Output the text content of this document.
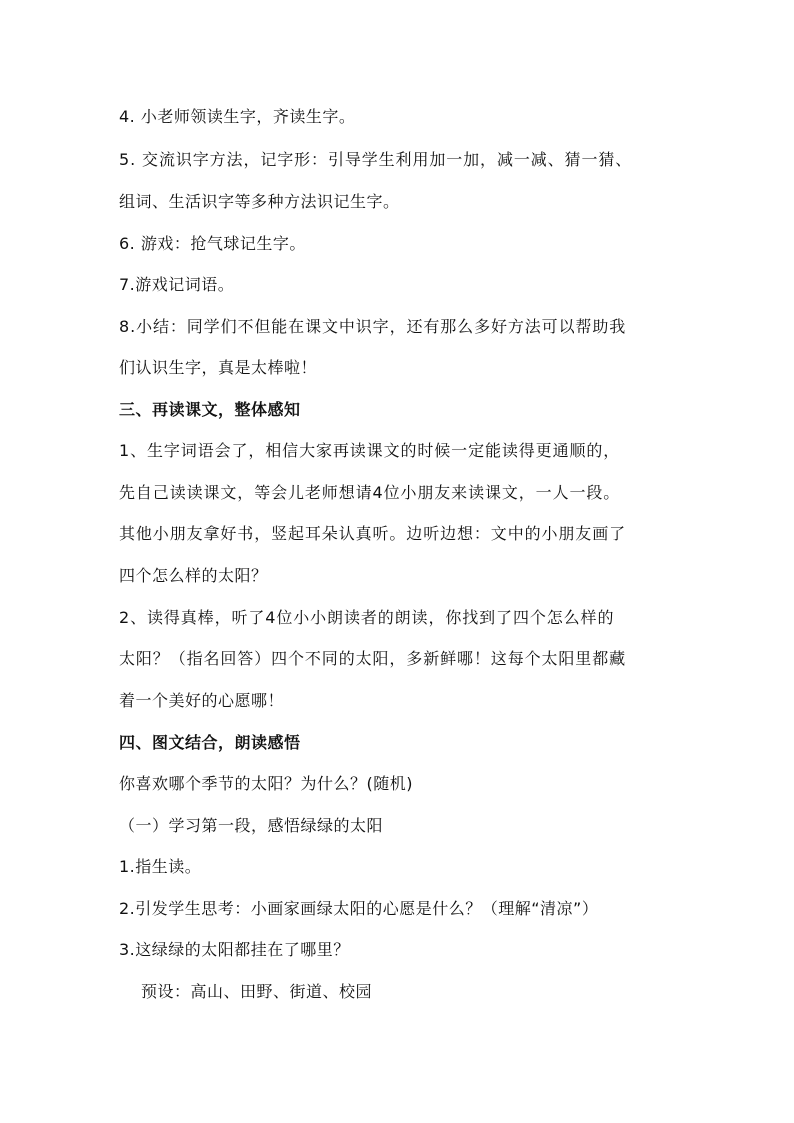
4. 小老师领读生字，齐读生字。
5. 交流识字方法，记字形：引导学生利用加一加，减一减、猜一猜、
组词、生活识字等多种方法识记生字。
6. 游戏：抢气球记生字。
7.游戏记词语。
8.小结：同学们不但能在课文中识字，还有那么多好方法可以帮助我
们认识生字，真是太棒啦！
三、再读课文，整体感知
1、生字词语会了，相信大家再读课文的时候一定能读得更通顺的，
先自己读读课文，等会儿老师想请4位小朋友来读课文，一人一段。
其他小朋友拿好书，竖起耳朵认真听。边听边想：文中的小朋友画了
四个怎么样的太阳？
2、读得真棒，听了4位小小朗读者的朗读，你找到了四个怎么样的
太阳？（指名回答）四个不同的太阳，多新鲜哪！这每个太阳里都藏
着一个美好的心愿哪！
四、图文结合，朗读感悟
你喜欢哪个季节的太阳？为什么？(随机)
（一）学习第一段，感悟绿绿的太阳
1.指生读。
2.引发学生思考：小画家画绿太阳的心愿是什么？（理解“清凉”）
3.这绿绿的太阳都挂在了哪里？
预设：高山、田野、街道、校园
